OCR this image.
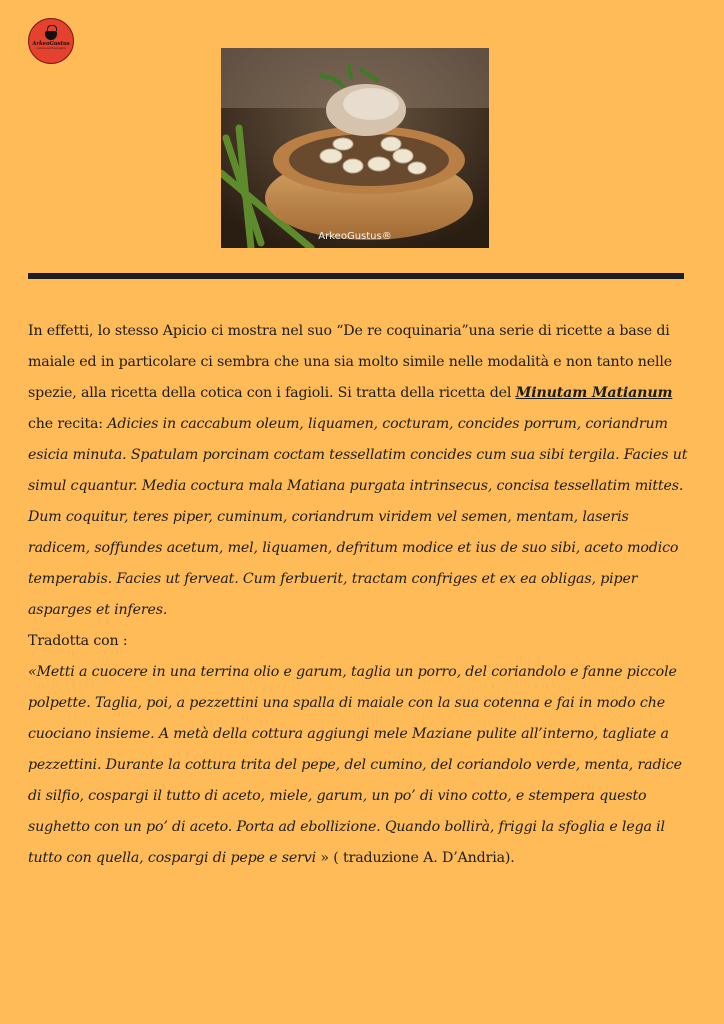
ArkeoGustus
cucina archeologica
ArkeoGustus®

In effetti, lo stesso Apicio ci mostra nel suo “De re coquinaria”una serie di ricette a base di maiale ed in particolare ci sembra che una sia molto simile nelle modalità e non tanto nelle spezie, alla ricetta della cotica con i fagioli. Si tratta della ricetta del Minutam Matianum che recita: Adicies in caccabum oleum, liquamen, cocturam, concides porrum, coriandrum esicia minuta. Spatulam porcinam coctam tessellatim concides cum sua sibi tergila. Facies ut simul cquantur. Media coctura mala Matiana purgata intrinsecus, concisa tessellatim mittes. Dum coquitur, teres piper, cuminum, coriandrum viridem vel semen, mentam, laseris radicem, soffundes acetum, mel, liquamen, defritum modice et ius de suo sibi, aceto modico temperabis. Facies ut ferveat. Cum ferbuerit, tractam confriges et ex ea obligas, piper asparges et inferes.

Tradotta con :

«Metti a cuocere in una terrina olio e garum, taglia un porro, del coriandolo e fanne piccole polpette. Taglia, poi, a pezzettini una spalla di maiale con la sua cotenna e fai in modo che cuociano insieme. A metà della cottura aggiungi mele Maziane pulite all’interno, tagliate a pezzettini. Durante la cottura trita del pepe, del cumino, del coriandolo verde, menta, radice di silfio, cospargi il tutto di aceto, miele, garum, un po’ di vino cotto, e stempera questo sughetto con un po’ di aceto. Porta ad ebollizione. Quando bollirà, friggi la sfoglia e lega il tutto con quella, cospargi di pepe e servi » ( traduzione A. D’Andria).
